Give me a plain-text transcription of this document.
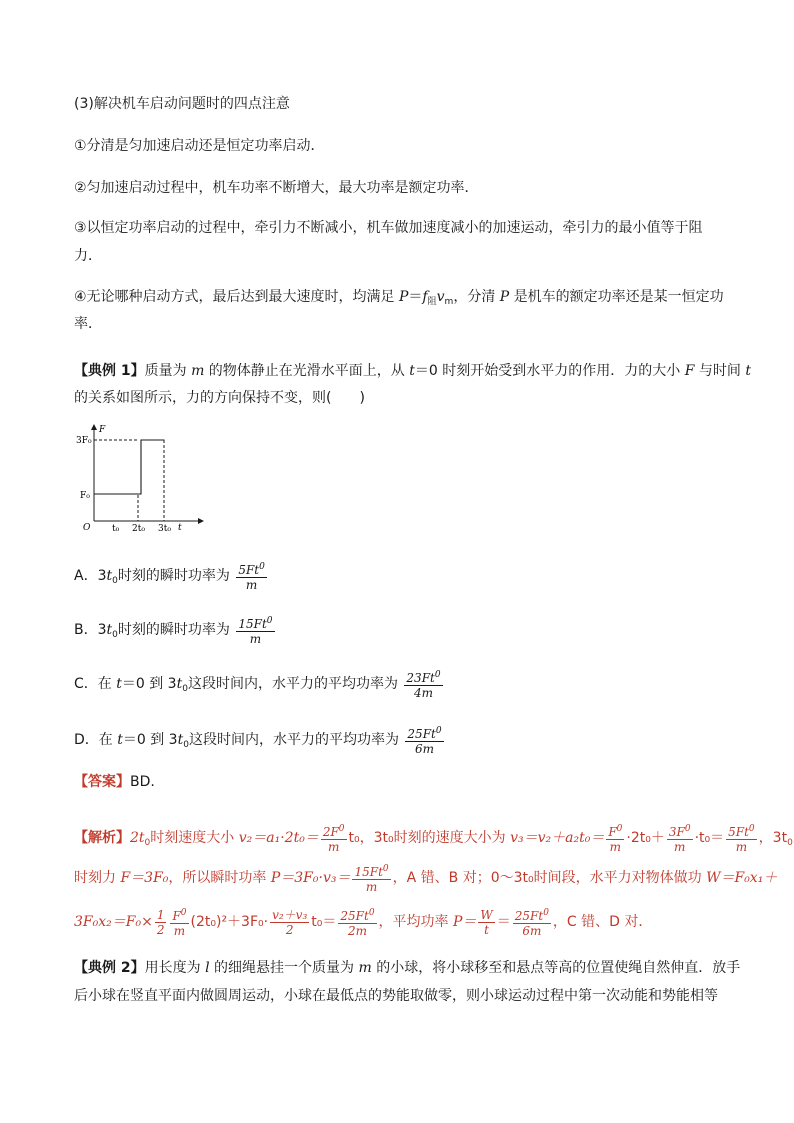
(3)解决机车启动问题时的四点注意
①分清是匀加速启动还是恒定功率启动．
②匀加速启动过程中，机车功率不断增大，最大功率是额定功率．
③以恒定功率启动的过程中，牵引力不断减小，机车做加速度减小的加速运动，牵引力的最小值等于阻
力．
④无论哪种启动方式，最后达到最大速度时，均满足 $P=f_阻v_m$，分清 P 是机车的额定功率还是某一恒定功
率．
【典例 1】质量为 m 的物体静止在光滑水平面上，从 t＝0 时刻开始受到水平力的作用．力的大小 F 与时间 t
的关系如图所示，力的方向保持不变，则(　　)
F
t
O
3F₀
F₀
t₀ 2t₀ 3t₀
A．$3t_0$时刻的瞬时功率为 $\frac{5Ft^0}{m}$
B．$3t_0$时刻的瞬时功率为 $\frac{15Ft^0}{m}$
C．在 t＝0 到 $3t_0$这段时间内，水平力的平均功率为 $\frac{23Ft^0}{4m}$
D．在 t＝0 到 $3t_0$这段时间内，水平力的平均功率为 $\frac{25Ft^0}{6m}$
【答案】BD.
【解析】$2t_0$时刻速度大小 $v_2=a_1\cdot 2t_0= \frac{2F^0}{m} t_0$，3t₀时刻的速度大小为 $v_3=v_2+a_2t_0= \frac{F^0}{m} \cdot 2t_0+ \frac{3F^0}{m} \cdot t_0= \frac{5Ft^0}{m}$ ，$3t_0$
时刻力 F＝3F₀，所以瞬时功率 $P=3F_0\cdot v_3= \frac{15Ft^0}{m}$ ，A 错、B 对；0～3t₀时间段，水平力对物体做功 W＝F₀x₁＋
$3F_0x_2=F_0\times \frac{1}{2} \frac{F^0}{m} (2t_0)^2+3F_0\cdot \frac{\text{v₂＋v₃}}{2} t_0= \frac{25Ft^0}{2m}$ ，平均功率 $P= \frac{W}{t} = \frac{25Ft^0}{6m}$ ，C 错、D 对．
【典例 2】用长度为 l 的细绳悬挂一个质量为 m 的小球，将小球移至和悬点等高的位置使绳自然伸直．放手
后小球在竖直平面内做圆周运动，小球在最低点的势能取做零，则小球运动过程中第一次动能和势能相等
